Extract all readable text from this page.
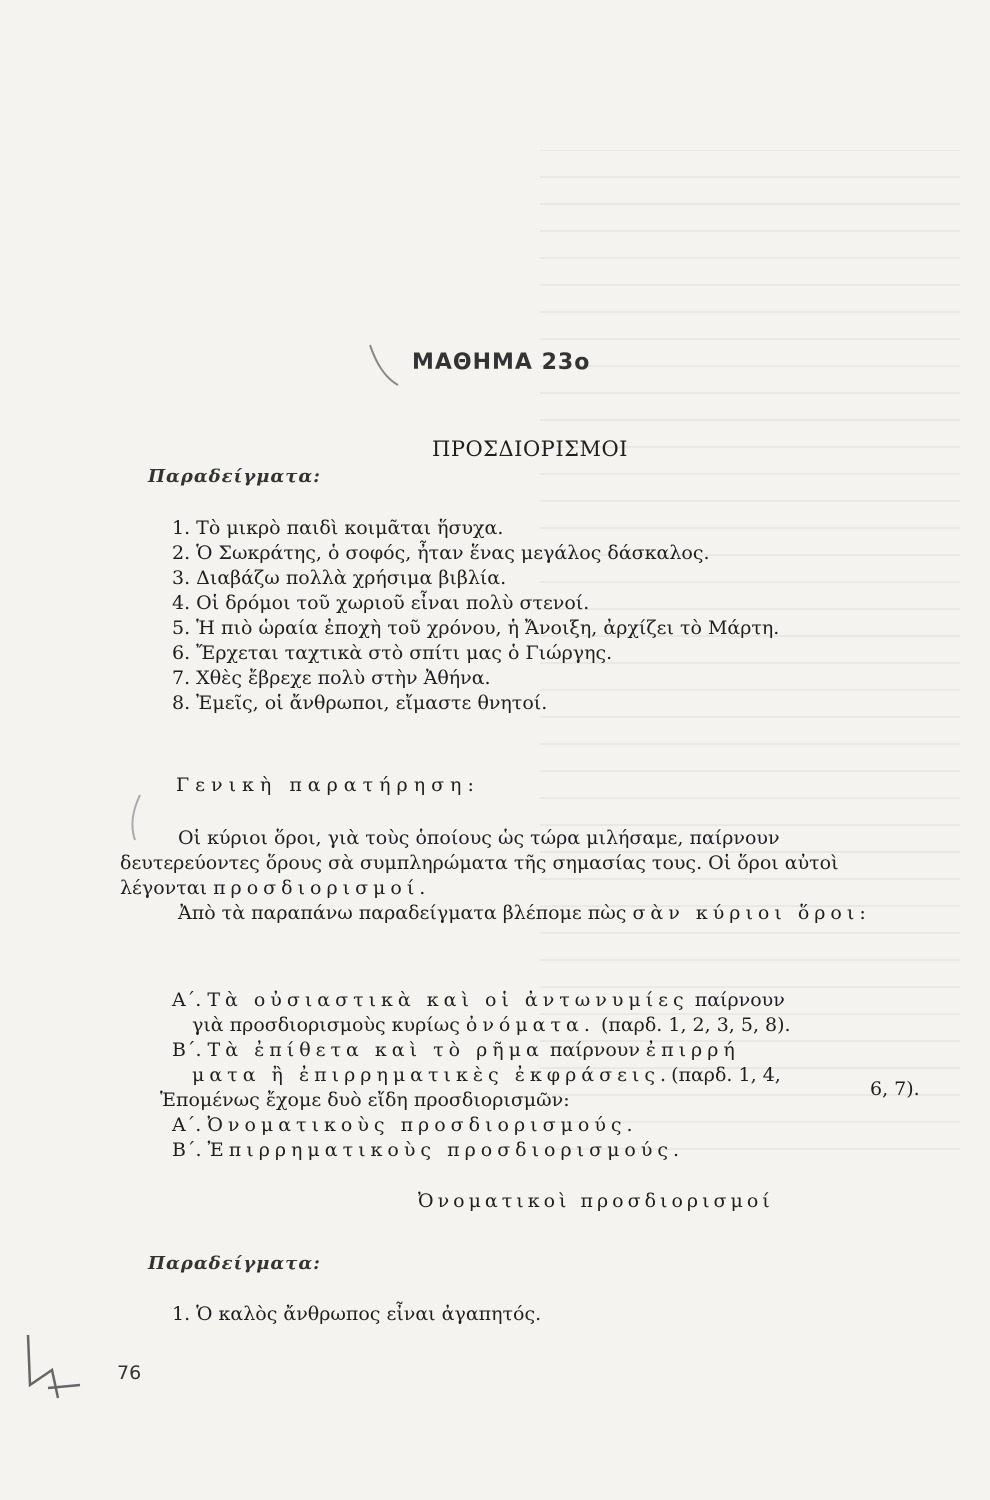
ΜΑΘΗΜΑ 23ο
ΠΡΟΣΔΙΟΡΙΣΜΟΙ
Παραδείγματα:
1. Τὸ μικρὸ παιδὶ κοιμᾶται ἥσυχα.
2. Ὁ Σωκράτης, ὁ σοφός, ἦταν ἕνας μεγάλος δάσκαλος.
3. Διαβάζω πολλὰ χρήσιμα βιβλία.
4. Οἱ δρόμοι τοῦ χωριοῦ εἶναι πολὺ στενοί.
5. Ἡ πιὸ ὡραία ἐποχὴ τοῦ χρόνου, ἡ Ἄνοιξη, ἀρχίζει τὸ Μάρτη.
6. Ἔρχεται ταχτικὰ στὸ σπίτι μας ὁ Γιώργης.
7. Χθὲς ἔβρεχε πολὺ στὴν Ἀθήνα.
8. Ἐμεῖς, οἱ ἄνθρωποι, εἴμαστε θνητοί.
Γενικὴ παρατήρηση:

Οἱ κύριοι ὅροι, γιὰ τοὺς ὁποίους ὡς τώρα μιλήσαμε, παίρνουν δευτερεύοντες ὅρους σὰ συμπληρώματα τῆς σημασίας τους. Οἱ ὅροι αὐτοὶ λέγονται προσδιορισμοί.

Ἀπὸ τὰ παραπάνω παραδείγματα βλέπομε πὼς σὰν κύριοι ὅροι:

Α΄. Τὰ οὐσιαστικὰ καὶ οἱ ἀντωνυμίες παίρνουν
γιὰ προσδιορισμοὺς κυρίως ὀνόματα. (παρδ. 1, 2, 3, 5, 8).
Β΄. Τὰ ἐπίθετα καὶ τὸ ρῆμα παίρνουν ἐπιρρή
ματα ἢ ἐπιρρηματικὲς ἐκφράσεις.(παρδ. 1, 4,
Ἑπομένως ἔχομε δυὸ εἴδη προσδιορισμῶν:
Α΄. Ὀνοματικοὺς προσδιορισμούς.
Β΄. Ἐπιρρηματικοὺς προσδιορισμούς.
6, 7).
Ὀνοματικοὶ προσδιορισμοί
Παραδείγματα:
1. Ὁ καλὸς ἄνθρωπος εἶναι ἀγαπητός.
76
